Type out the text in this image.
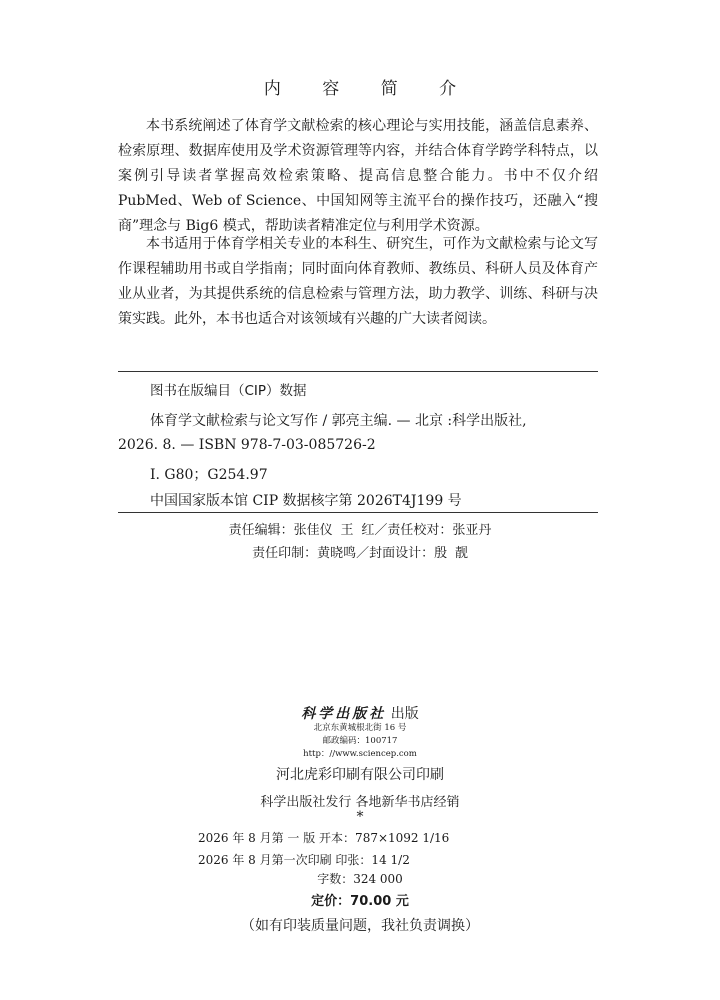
内 容 简 介

本书系统阐述了体育学文献检索的核心理论与实用技能，涵盖信息素养、检索原理、数据库使用及学术资源管理等内容，并结合体育学跨学科特点，以案例引导读者掌握高效检索策略、提高信息整合能力。书中不仅介绍 PubMed、Web of Science、中国知网等主流平台的操作技巧，还融入“搜商”理念与 Big6 模式，帮助读者精准定位与利用学术资源。

本书适用于体育学相关专业的本科生、研究生，可作为文献检索与论文写作课程辅助用书或自学指南；同时面向体育教师、教练员、科研人员及体育产业从业者，为其提供系统的信息检索与管理方法，助力教学、训练、科研与决策实践。此外，本书也适合对该领域有兴趣的广大读者阅读。

图书在版编目（CIP）数据
体育学文献检索与论文写作 / 郭亮主编. — 北京 :科学出版社,
2026. 8. — ISBN 978-7-03-085726-2
Ⅰ. G80；G254.97
中国国家版本馆 CIP 数据核字第 2026T4J199 号
责任编辑：张佳仪 王 红／责任校对：张亚丹
责任印制：黄晓鸣／封面设计：殷 靓
科学出版社 出版
北京东黄城根北街 16 号
邮政编码：100717
http：//www.sciencep.com
河北虎彩印刷有限公司印刷
科学出版社发行 各地新华书店经销
*
2026 年 8 月第 一 版 开本：787×1092 1/16
2026 年 8 月第一次印刷 印张：14 1/2
字数：324 000
定价：70.00 元
（如有印装质量问题，我社负责调换）
